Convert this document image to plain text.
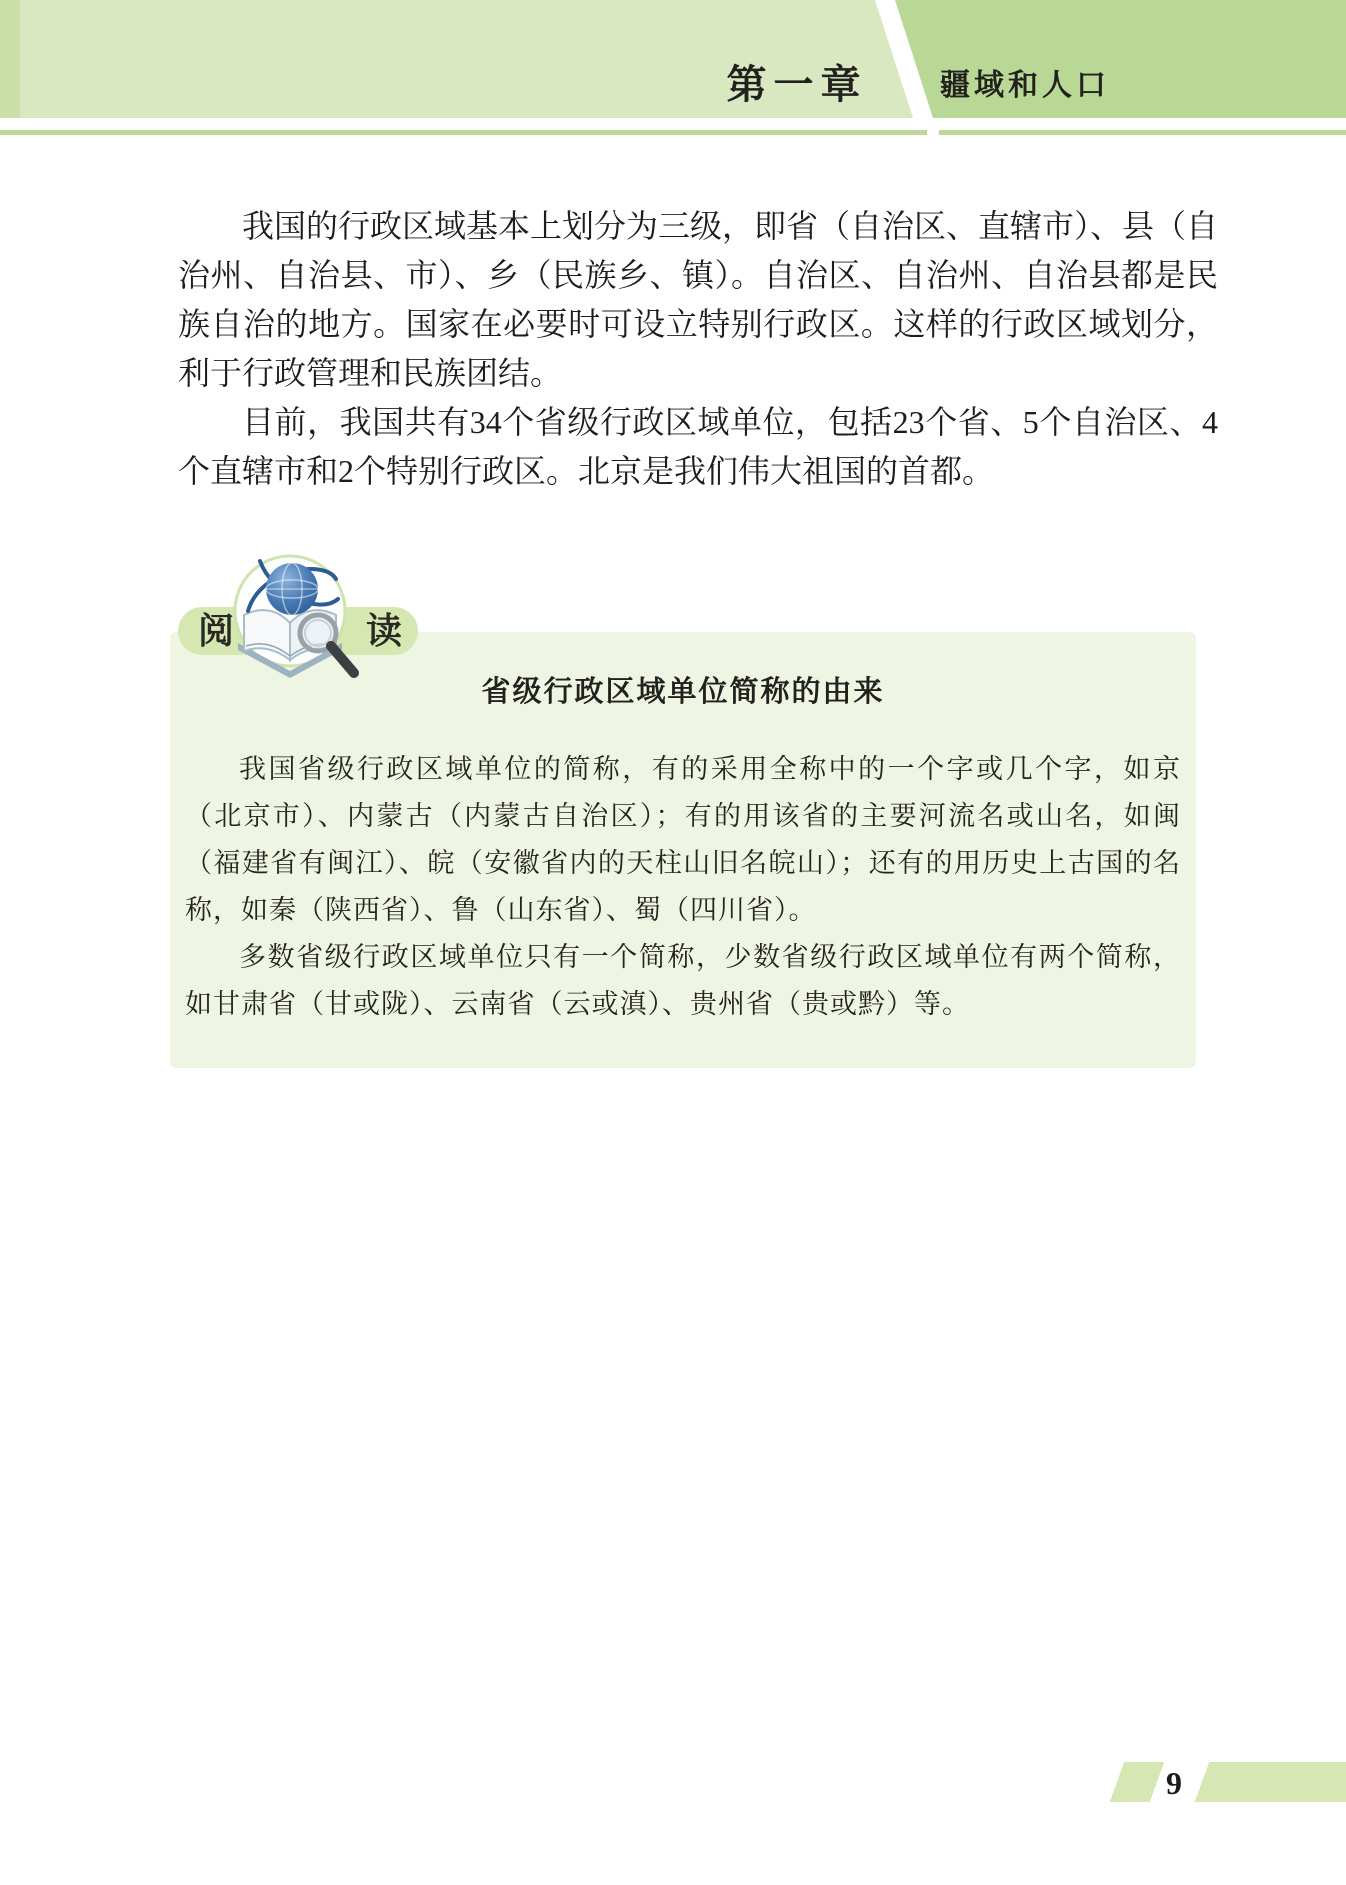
第一章	疆域和人口

我国的行政区域基本上划分为三级，即省（自治区、直辖市）、县（自治州、自治县、市）、乡（民族乡、镇）。自治区、自治州、自治县都是民族自治的地方。国家在必要时可设立特别行政区。这样的行政区域划分，利于行政管理和民族团结。

目前，我国共有34个省级行政区域单位，包括23个省、5个自治区、4个直辖市和2个特别行政区。北京是我们伟大祖国的首都。

省级行政区域单位简称的由来

我国省级行政区域单位的简称，有的采用全称中的一个字或几个字，如京（北京市）、内蒙古（内蒙古自治区）；有的用该省的主要河流名或山名，如闽（福建省有闽江）、皖（安徽省内的天柱山旧名皖山）；还有的用历史上古国的名称，如秦（陕西省）、鲁（山东省）、蜀（四川省）。

多数省级行政区域单位只有一个简称，少数省级行政区域单位有两个简称，如甘肃省（甘或陇）、云南省（云或滇）、贵州省（贵或黔）等。

阅	读
9
